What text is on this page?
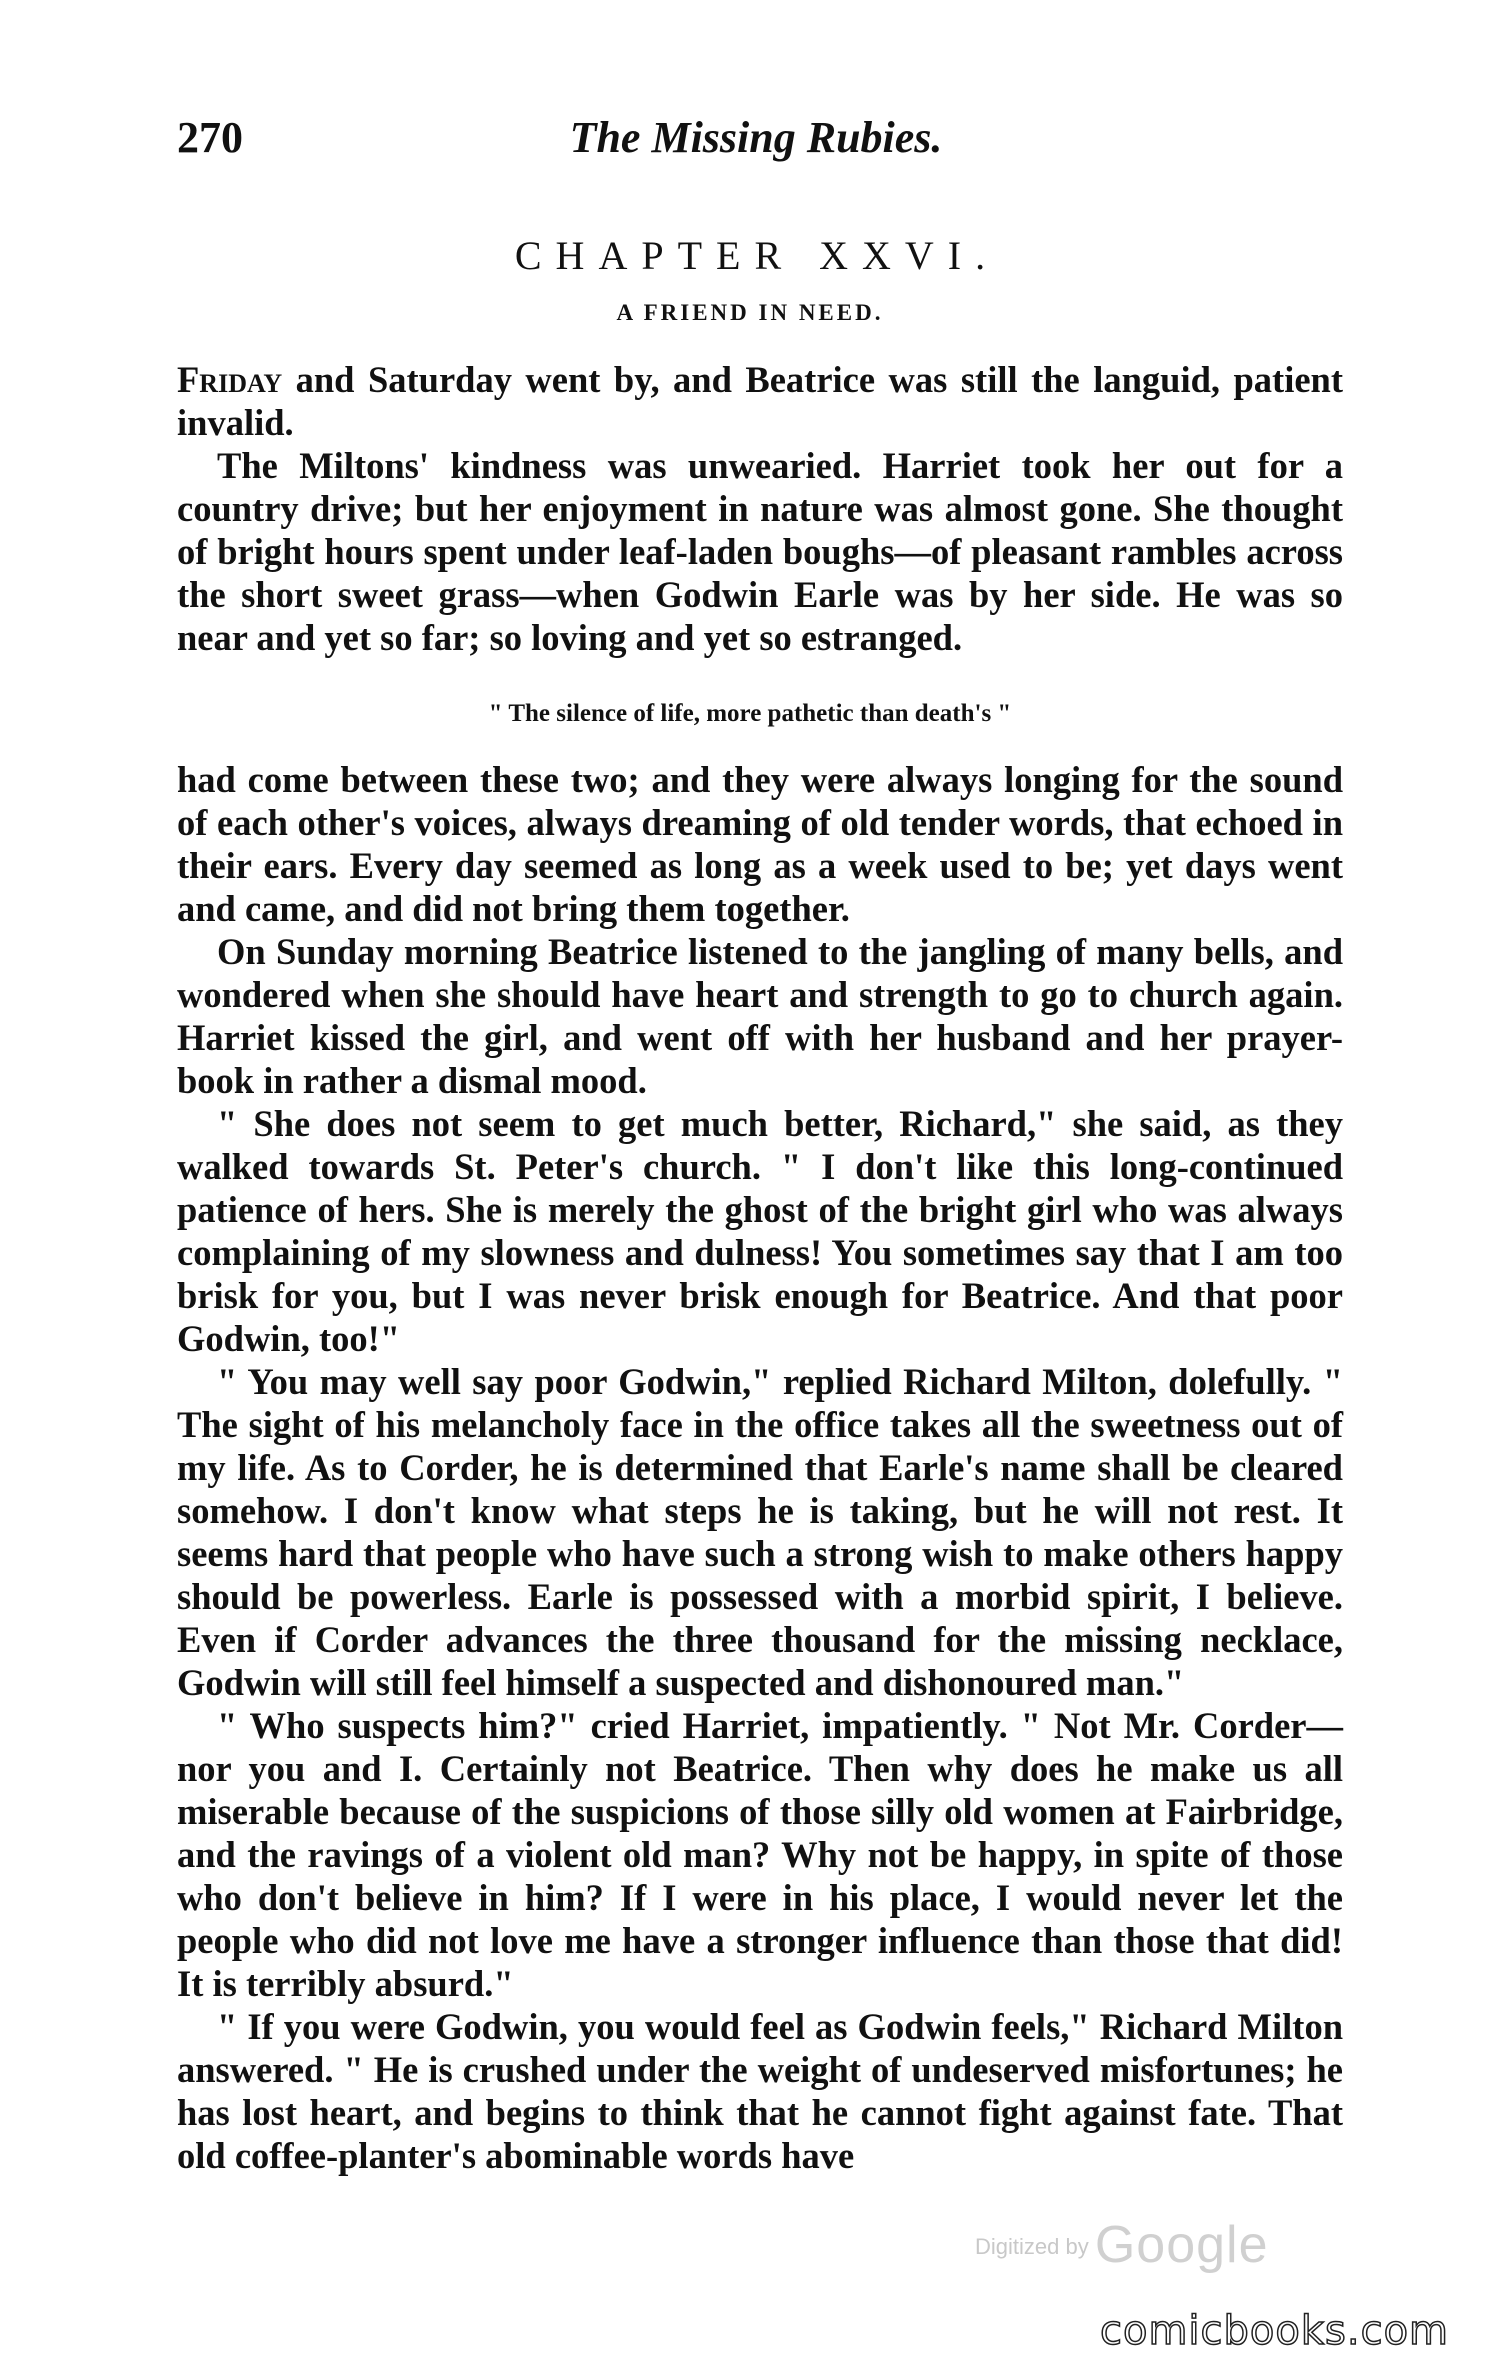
270	The Missing Rubies.
CHAPTER XXVI.
A FRIEND IN NEED.

Friday and Saturday went by, and Beatrice was still the languid, patient invalid.

The Miltons' kindness was unwearied. Harriet took her out for a country drive; but her enjoyment in nature was almost gone. She thought of bright hours spent under leaf-laden boughs—of pleasant rambles across the short sweet grass—when Godwin Earle was by her side. He was so near and yet so far; so loving and yet so estranged.

" The silence of life, more pathetic than death's "

had come between these two; and they were always longing for the sound of each other's voices, always dreaming of old tender words, that echoed in their ears. Every day seemed as long as a week used to be; yet days went and came, and did not bring them together.

On Sunday morning Beatrice listened to the jangling of many bells, and wondered when she should have heart and strength to go to church again. Harriet kissed the girl, and went off with her husband and her prayer-book in rather a dismal mood.

" She does not seem to get much better, Richard," she said, as they walked towards St. Peter's church. " I don't like this long-continued patience of hers. She is merely the ghost of the bright girl who was always complaining of my slowness and dulness! You sometimes say that I am too brisk for you, but I was never brisk enough for Beatrice. And that poor Godwin, too!"

" You may well say poor Godwin," replied Richard Milton, dolefully. " The sight of his melancholy face in the office takes all the sweetness out of my life. As to Corder, he is determined that Earle's name shall be cleared somehow. I don't know what steps he is taking, but he will not rest. It seems hard that people who have such a strong wish to make others happy should be powerless. Earle is possessed with a morbid spirit, I believe. Even if Corder advances the three thousand for the missing necklace, Godwin will still feel himself a suspected and dishonoured man."

" Who suspects him?" cried Harriet, impatiently. " Not Mr. Corder—nor you and I. Certainly not Beatrice. Then why does he make us all miserable because of the suspicions of those silly old women at Fairbridge, and the ravings of a violent old man? Why not be happy, in spite of those who don't believe in him? If I were in his place, I would never let the people who did not love me have a stronger influence than those that did! It is terribly absurd."

" If you were Godwin, you would feel as Godwin feels," Richard Milton answered. " He is crushed under the weight of undeserved misfortunes; he has lost heart, and begins to think that he cannot fight against fate. That old coffee-planter's abominable words have

Digitized by Google
comicbooks.com
